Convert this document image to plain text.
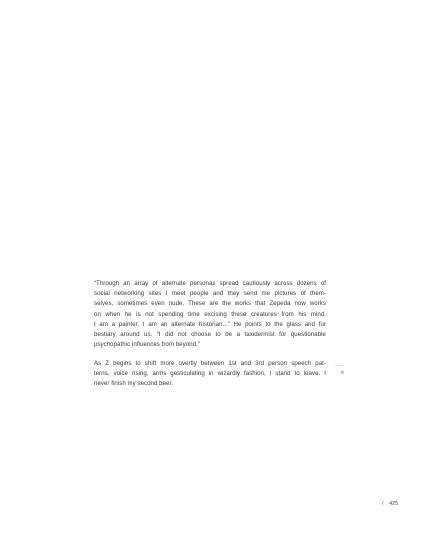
“Through an array of alternate personas spread cautiously across dozens of
social networking sites I meet people and they send me pictures of them-
selves, sometimes even nude. These are the works that Zepeda now works
on when he is not spending time excising these creatures from his mind.
I am a painter. I am an alternate historian...” He points to the glass and fur
bestiary around us. “I did not choose to be a taxidermist for questionable
psychopathic influences from beyond.”
As Z begins to shift more overtly between 1st and 3rd person speech pat-
terns, voice rising, arms gesticulating in wizardly fashion, I stand to leave. I
never finish my second beer.
……
×
/ 425
